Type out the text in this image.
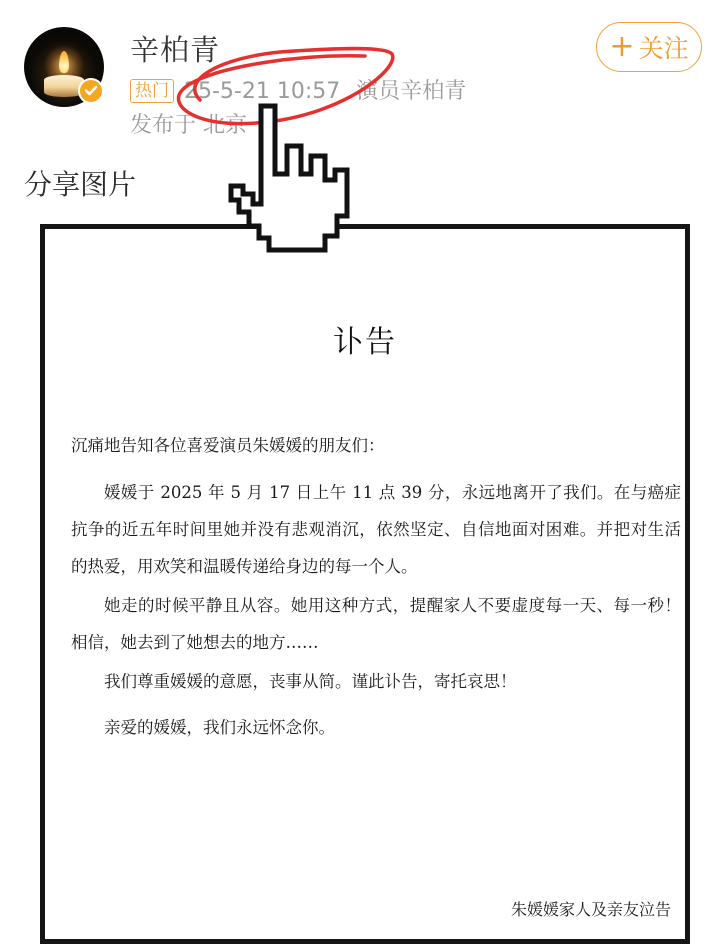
辛柏青
热门 25-5-21 10:57 演员辛柏青
发布于 北京
+ 关注
分享图片
讣告

沉痛地告知各位喜爱演员朱媛媛的朋友们：

媛媛于 2025 年 5 月 17 日上午 11 点 39 分，永远地离开了我们。在与癌症抗争的近五年时间里她并没有悲观消沉，依然坚定、自信地面对困难。并把对生活的热爱，用欢笑和温暖传递给身边的每一个人。

她走的时候平静且从容。她用这种方式，提醒家人不要虚度每一天、每一秒！相信，她去到了她想去的地方……

我们尊重媛媛的意愿，丧事从简。谨此讣告，寄托哀思！

亲爱的媛媛，我们永远怀念你。

朱媛媛家人及亲友泣告
